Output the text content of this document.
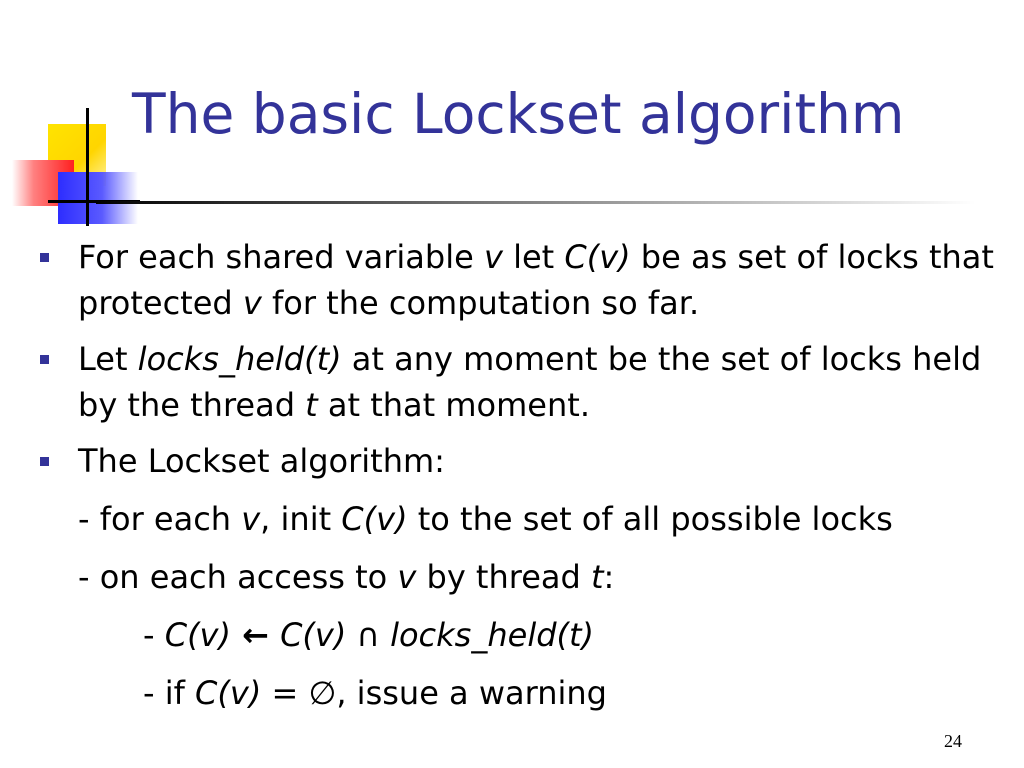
The basic Lockset algorithm
For each shared variable v let C(v) be as set of locks that protected v for the computation so far.
Let locks_held(t) at any moment be the set of locks held by the thread t at that moment.
The Lockset algorithm:
- for each v, init C(v) to the set of all possible locks
- on each access to v by thread t:
- C(v) ← C(v) ∩ locks_held(t)
- if C(v) = ∅, issue a warning
24
